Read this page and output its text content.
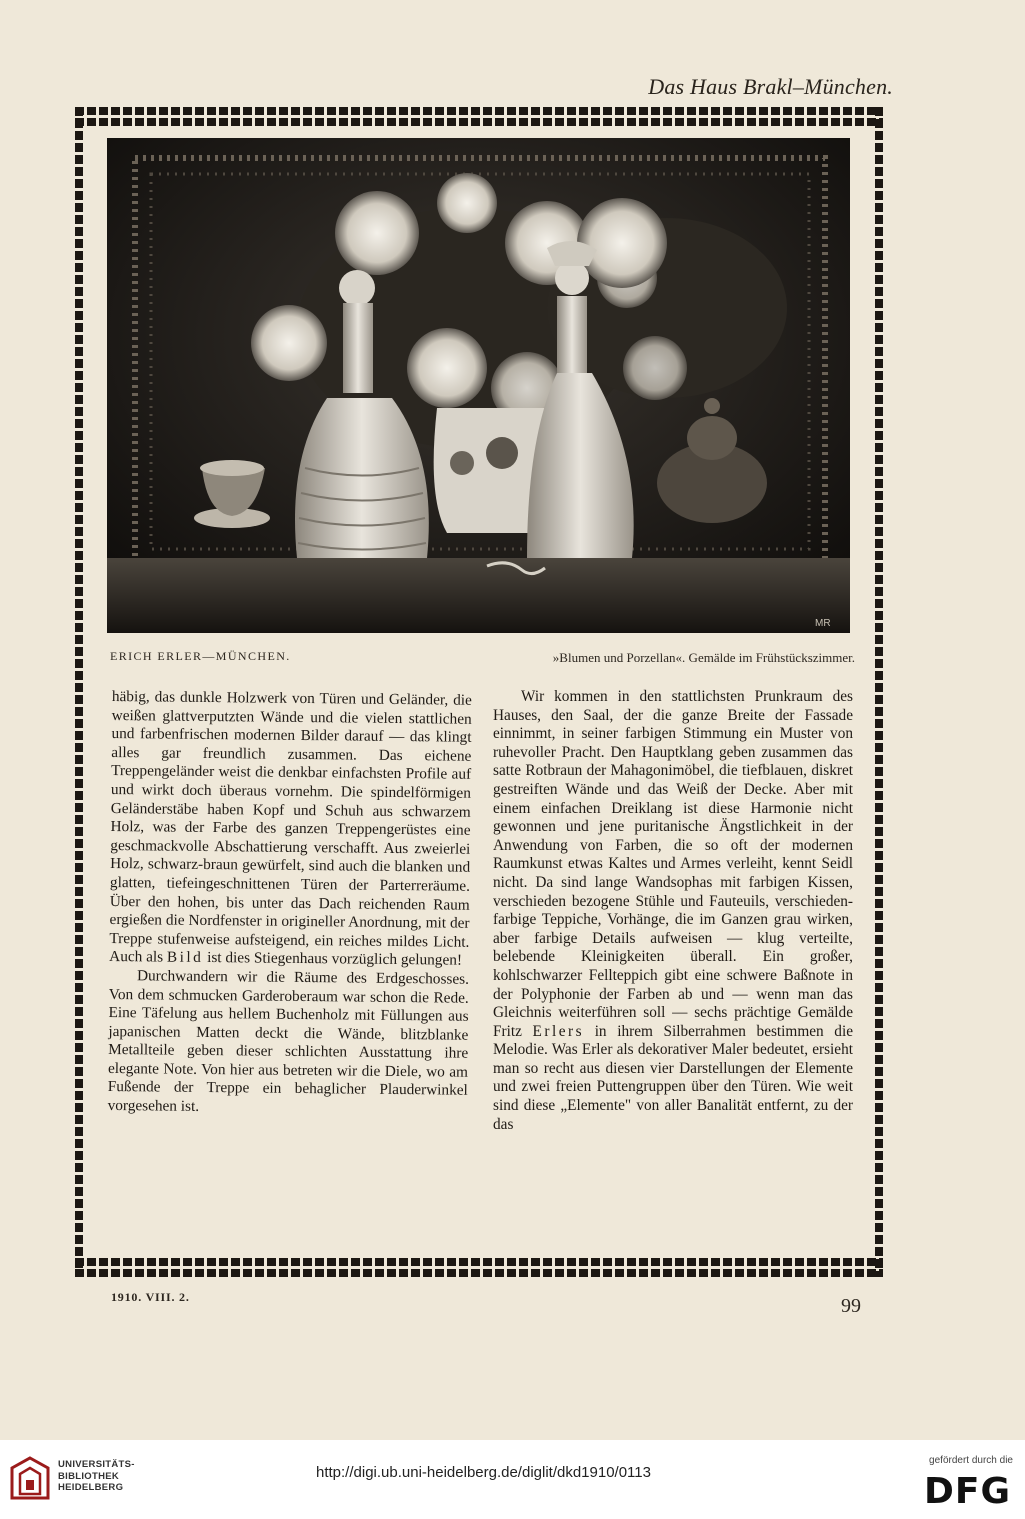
Das Haus Brakl–München.
MR
ERICH ERLER—MÜNCHEN.	»Blumen und Porzellan«. Gemälde im Frühstückszimmer.

häbig, das dunkle Holzwerk von Türen und Geländer, die weißen glattverputzten Wände und die vielen stattlichen und farbenfrischen modernen Bilder darauf — das klingt alles gar freundlich zusammen. Das eichene Treppengeländer weist die denkbar einfachsten Profile auf und wirkt doch überaus vornehm. Die spindelförmigen Geländerstäbe haben Kopf und Schuh aus schwarzem Holz, was der Farbe des ganzen Treppengerüstes eine geschmackvolle Abschattierung verschafft. Aus zweierlei Holz, schwarz-braun gewürfelt, sind auch die blanken und glatten, tiefeingeschnittenen Türen der Parterreräume. Über den hohen, bis unter das Dach reichenden Raum ergießen die Nordfenster in origineller Anordnung, mit der Treppe stufenweise aufsteigend, ein reiches mildes Licht. Auch als Bild ist dies Stiegenhaus vorzüglich gelungen!

Durchwandern wir die Räume des Erdgeschosses. Von dem schmucken Garderoberaum war schon die Rede. Eine Täfelung aus hellem Buchenholz mit Füllungen aus japanischen Matten deckt die Wände, blitzblanke Metallteile geben dieser schlichten Ausstattung ihre elegante Note. Von hier aus betreten wir die Diele, wo am Fußende der Treppe ein behaglicher Plauderwinkel vorgesehen ist.

Wir kommen in den stattlichsten Prunkraum des Hauses, den Saal, der die ganze Breite der Fassade einnimmt, in seiner farbigen Stimmung ein Muster von ruhevoller Pracht. Den Hauptklang geben zusammen das satte Rotbraun der Mahagonimöbel, die tiefblauen, diskret gestreiften Wände und das Weiß der Decke. Aber mit einem einfachen Dreiklang ist diese Harmonie nicht gewonnen und jene puritanische Ängstlichkeit in der Anwendung von Farben, die so oft der modernen Raumkunst etwas Kaltes und Armes verleiht, kennt Seidl nicht. Da sind lange Wandsophas mit farbigen Kissen, verschieden bezogene Stühle und Fauteuils, verschieden-farbige Teppiche, Vorhänge, die im Ganzen grau wirken, aber farbige Details aufweisen — klug verteilte, belebende Kleinigkeiten überall. Ein großer, kohlschwarzer Fellteppich gibt eine schwere Baßnote in der Polyphonie der Farben ab und — wenn man das Gleichnis weiterführen soll — sechs prächtige Gemälde Fritz Erlers in ihrem Silberrahmen bestimmen die Melodie. Was Erler als dekorativer Maler bedeutet, ersieht man so recht aus diesen vier Darstellungen der Elemente und zwei freien Puttengruppen über den Türen. Wie weit sind diese „Elemente" von aller Banalität entfernt, zu der das

1910. VIII. 2.	99
UNIVERSITÄTS-
BIBLIOTHEK
HEIDELBERG
http://digi.ub.uni-heidelberg.de/diglit/dkd1910/0113
gefördert durch die
DFG
